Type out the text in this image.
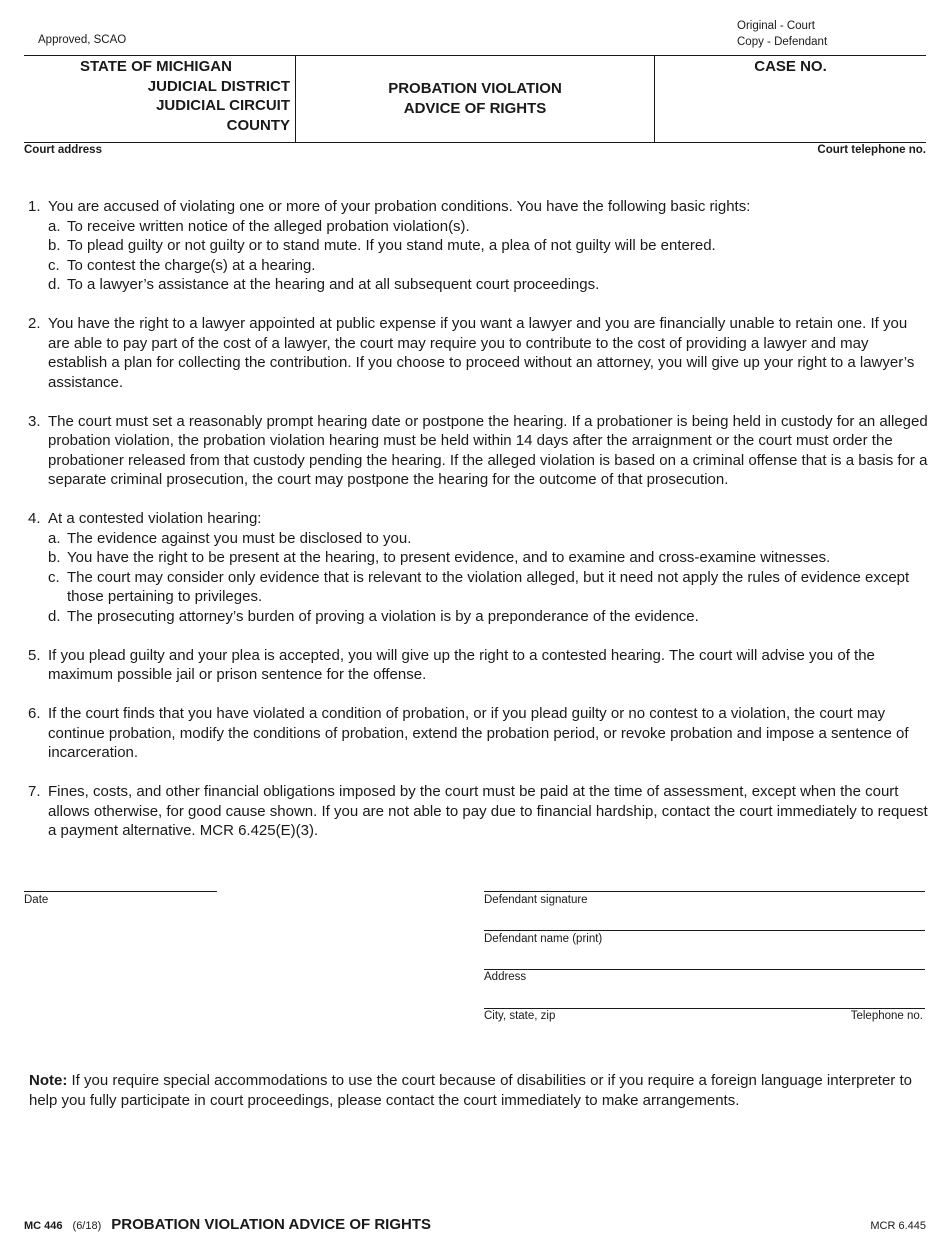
Approved, SCAO
Original - Court
Copy - Defendant
STATE OF MICHIGAN
JUDICIAL DISTRICT
JUDICIAL CIRCUIT
COUNTY
PROBATION VIOLATION
ADVICE OF RIGHTS
CASE NO.
Court address	Court telephone no.
1. You are accused of violating one or more of your probation conditions. You have the following basic rights:
a. To receive written notice of the alleged probation violation(s).
b. To plead guilty or not guilty or to stand mute. If you stand mute, a plea of not guilty will be entered.
c. To contest the charge(s) at a hearing.
d. To a lawyer’s assistance at the hearing and at all subsequent court proceedings.
2. You have the right to a lawyer appointed at public expense if you want a lawyer and you are financially unable to retain one. If you are able to pay part of the cost of a lawyer, the court may require you to contribute to the cost of providing a lawyer and may establish a plan for collecting the contribution. If you choose to proceed without an attorney, you will give up your right to a lawyer’s assistance.
3. The court must set a reasonably prompt hearing date or postpone the hearing. If a probationer is being held in custody for an alleged probation violation, the probation violation hearing must be held within 14 days after the arraignment or the court must order the probationer released from that custody pending the hearing. If the alleged violation is based on a criminal offense that is a basis for a separate criminal prosecution, the court may postpone the hearing for the outcome of that prosecution.
4. At a contested violation hearing:
a. The evidence against you must be disclosed to you.
b. You have the right to be present at the hearing, to present evidence, and to examine and cross-examine witnesses.
c. The court may consider only evidence that is relevant to the violation alleged, but it need not apply the rules of evidence except those pertaining to privileges.
d. The prosecuting attorney’s burden of proving a violation is by a preponderance of the evidence.
5. If you plead guilty and your plea is accepted, you will give up the right to a contested hearing. The court will advise you of the maximum possible jail or prison sentence for the offense.
6. If the court finds that you have violated a condition of probation, or if you plead guilty or no contest to a violation, the court may continue probation, modify the conditions of probation, extend the probation period, or revoke probation and impose a sentence of incarceration.
7. Fines, costs, and other financial obligations imposed by the court must be paid at the time of assessment, except when the court allows otherwise, for good cause shown. If you are not able to pay due to financial hardship, contact the court immediately to request a payment alternative. MCR 6.425(E)(3).
Date	Defendant signature
Defendant name (print)
Address
City, state, zip	Telephone no.
Note: If you require special accommodations to use the court because of disabilities or if you require a foreign language interpreter to help you fully participate in court proceedings, please contact the court immediately to make arrangements.
MC 446 (6/18) PROBATION VIOLATION ADVICE OF RIGHTS	MCR 6.445
